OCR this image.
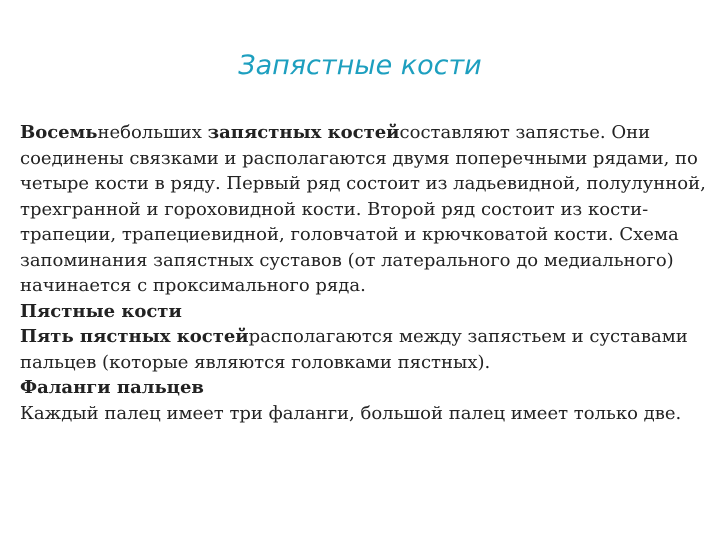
Запястные кости

Восемьнебольших запястных костейсоставляют запястье. Они соединены связками и располагаются двумя поперечными рядами, по четыре кости в ряду. Первый ряд состоит из ладьевидной, полулунной, трехгранной и гороховидной кости. Второй ряд состоит из кости-трапеции, трапециевидной, головчатой и крючковатой кости. Схема запоминания запястных суставов (от латерального до медиального) начинается с проксимального ряда.

Пястные кости

Пять пястных костейрасполагаются между запястьем и суставами пальцев (которые являются головками пястных).

Фаланги пальцев

Каждый палец имеет три фаланги, большой палец имеет только две.
